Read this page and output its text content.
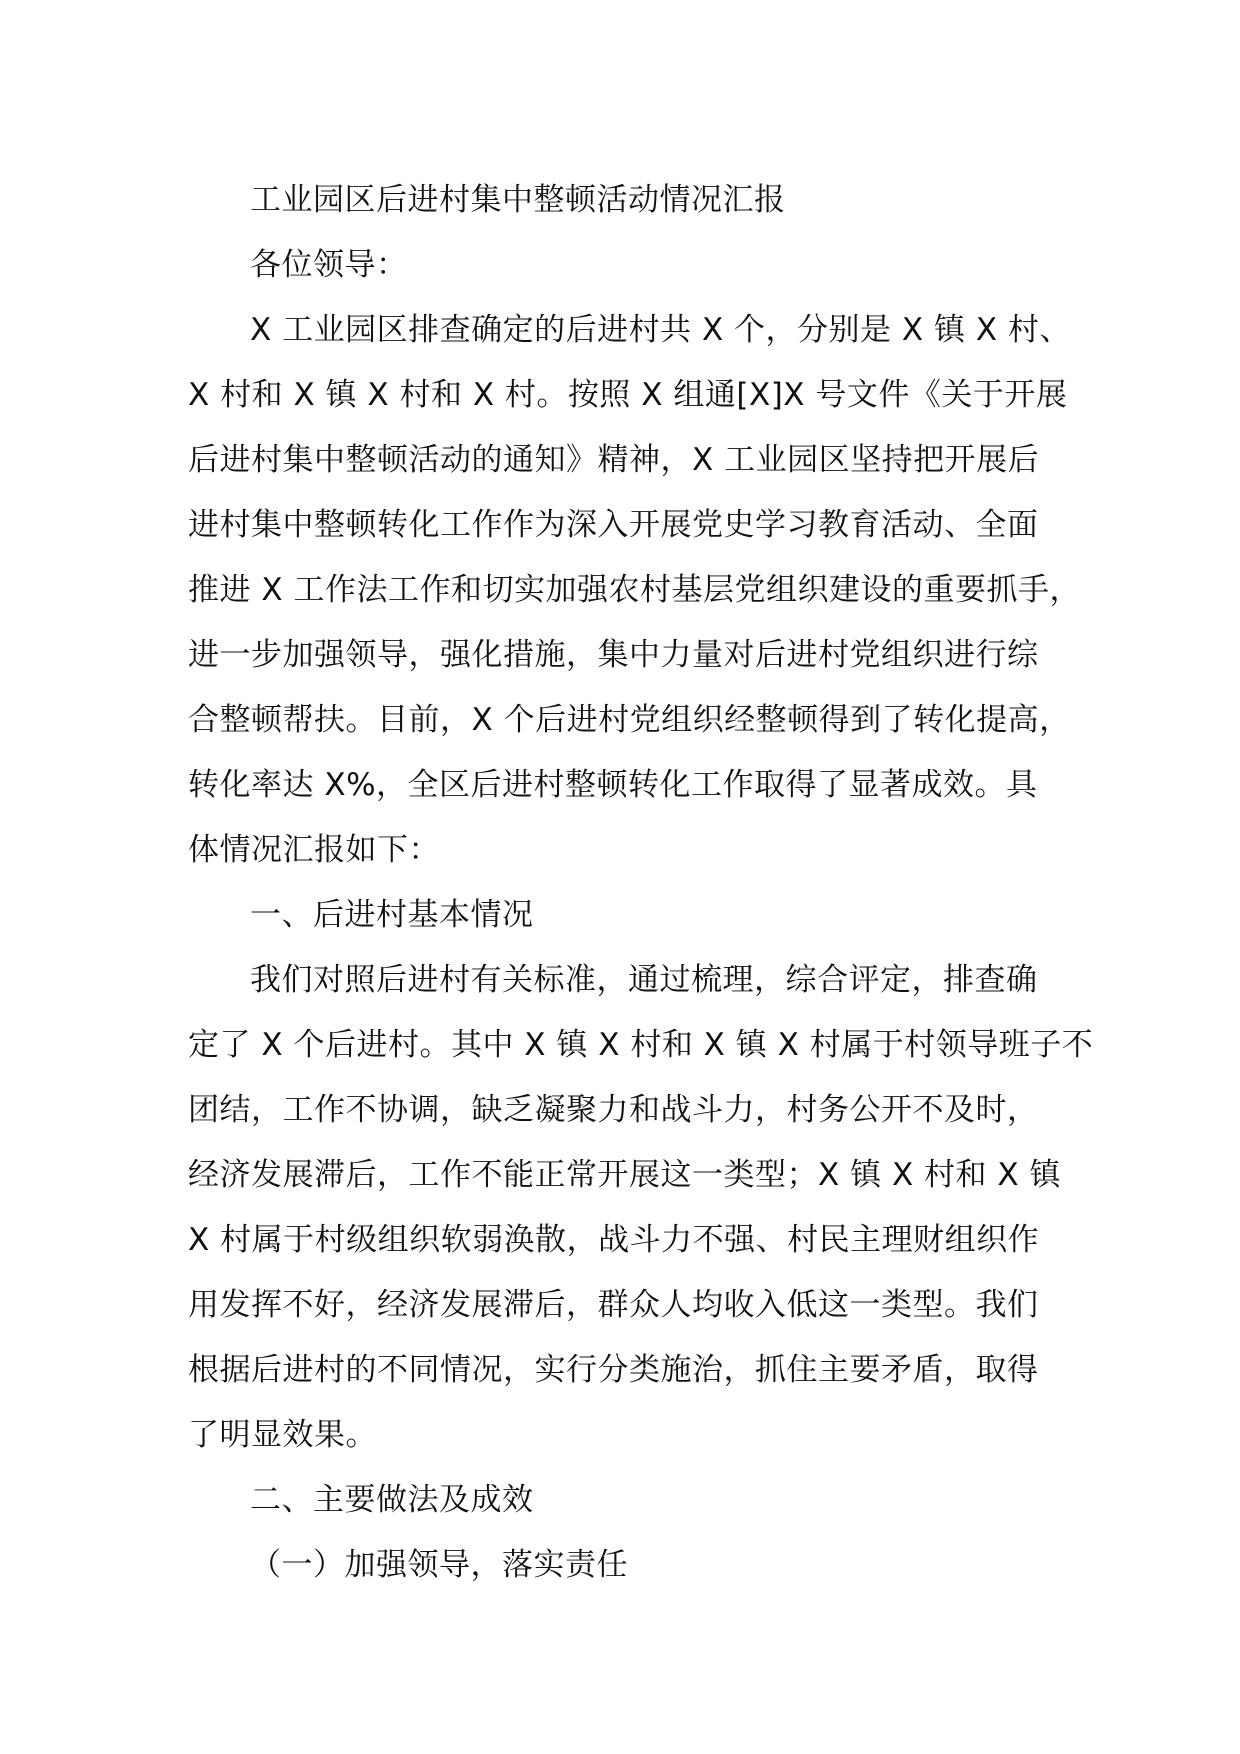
工业园区后进村集中整顿活动情况汇报
各位领导：
X 工业园区排查确定的后进村共 X 个，分别是 X 镇 X 村、
X 村和 X 镇 X 村和 X 村。按照 X 组通[X]X 号文件《关于开展
后进村集中整顿活动的通知》精神，X 工业园区坚持把开展后
进村集中整顿转化工作作为深入开展党史学习教育活动、全面
推进 X 工作法工作和切实加强农村基层党组织建设的重要抓手，
进一步加强领导，强化措施，集中力量对后进村党组织进行综
合整顿帮扶。目前，X 个后进村党组织经整顿得到了转化提高，
转化率达 X%，全区后进村整顿转化工作取得了显著成效。具
体情况汇报如下：
一、后进村基本情况
我们对照后进村有关标准，通过梳理，综合评定，排查确
定了 X 个后进村。其中 X 镇 X 村和 X 镇 X 村属于村领导班子不
团结，工作不协调，缺乏凝聚力和战斗力，村务公开不及时，
经济发展滞后，工作不能正常开展这一类型；X 镇 X 村和 X 镇
X 村属于村级组织软弱涣散，战斗力不强、村民主理财组织作
用发挥不好，经济发展滞后，群众人均收入低这一类型。我们
根据后进村的不同情况，实行分类施治，抓住主要矛盾，取得
了明显效果。
二、主要做法及成效
（一）加强领导，落实责任
